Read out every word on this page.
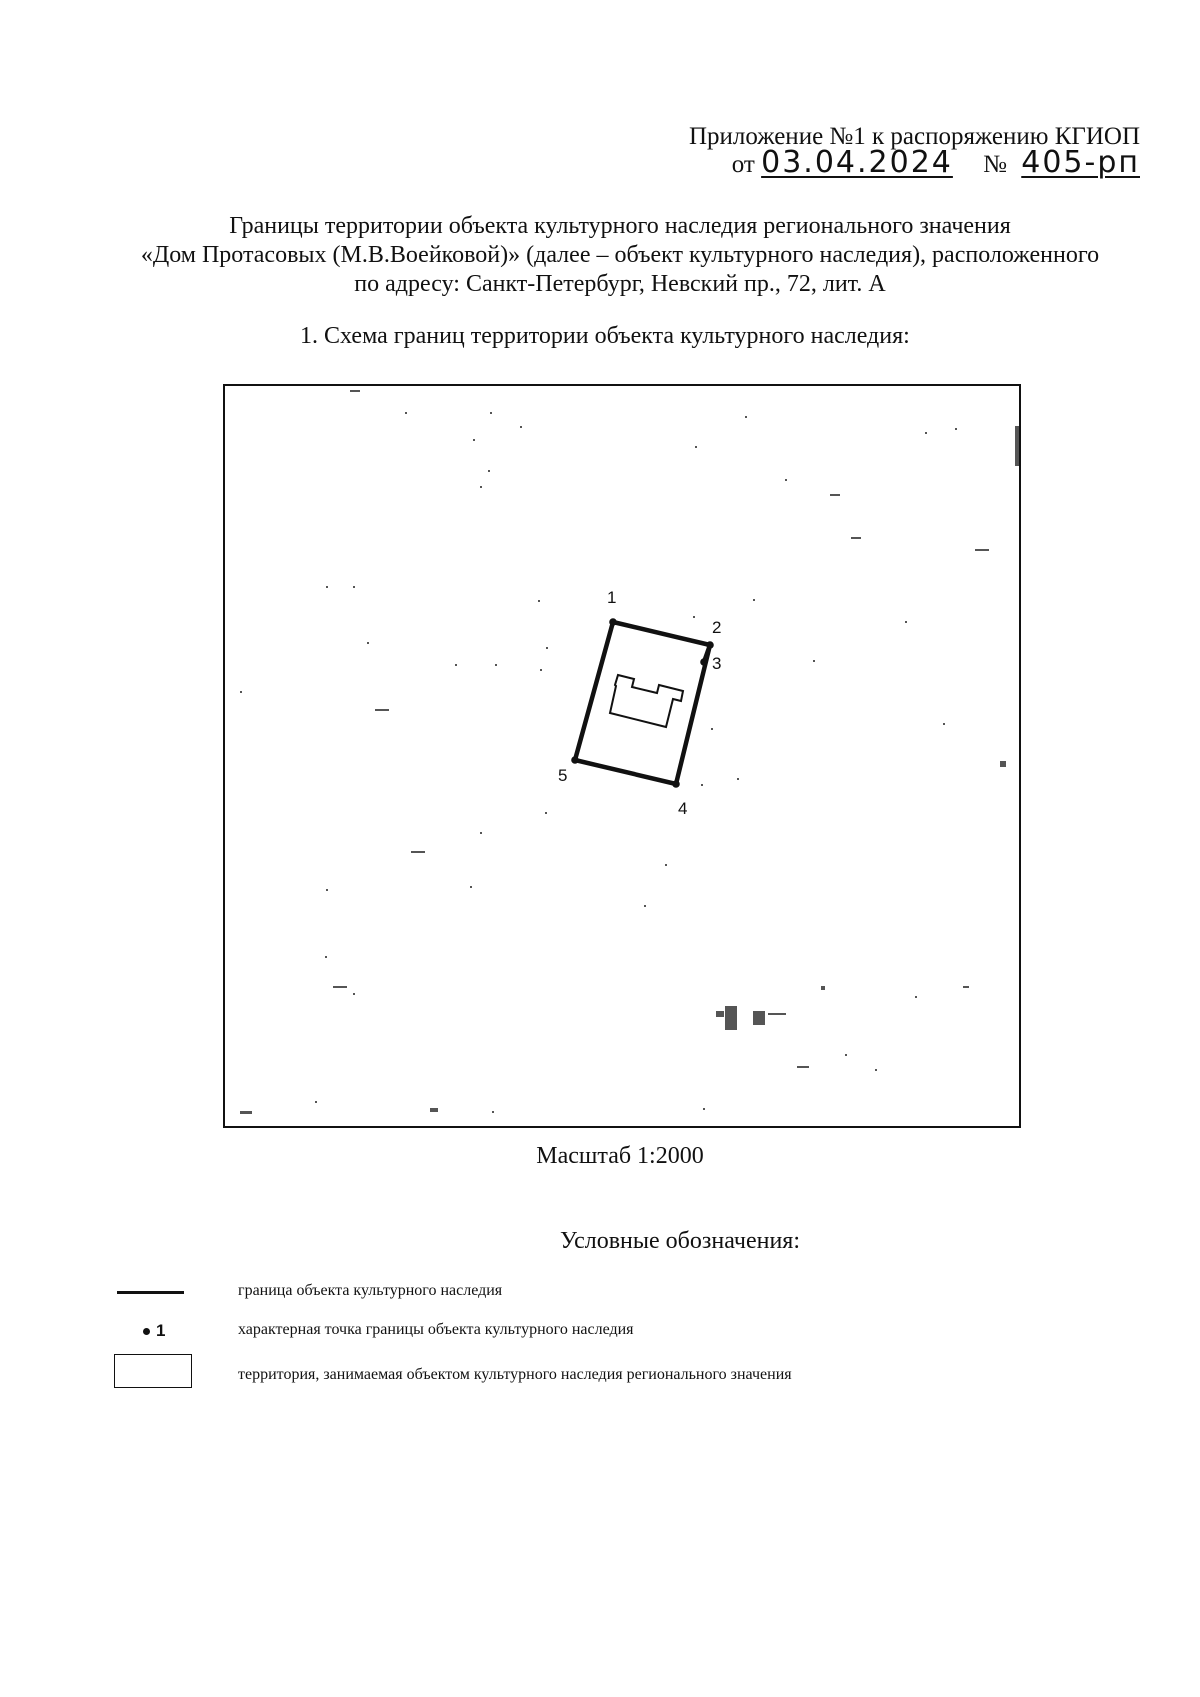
Приложение №1 к распоряжению КГИОП
от 03.04.2024 № 405-рп
Границы территории объекта культурного наследия регионального значения
«Дом Протасовых (М.В.Воейковой)» (далее – объект культурного наследия), расположенного
по адресу: Санкт-Петербург, Невский пр., 72, лит. А
1. Схема границ территории объекта культурного наследия:
1
2
3
4
5
Масштаб 1:2000
Условные обозначения:
граница объекта культурного наследия
1	характерная точка границы объекта культурного наследия
территория, занимаемая объектом культурного наследия регионального значения
